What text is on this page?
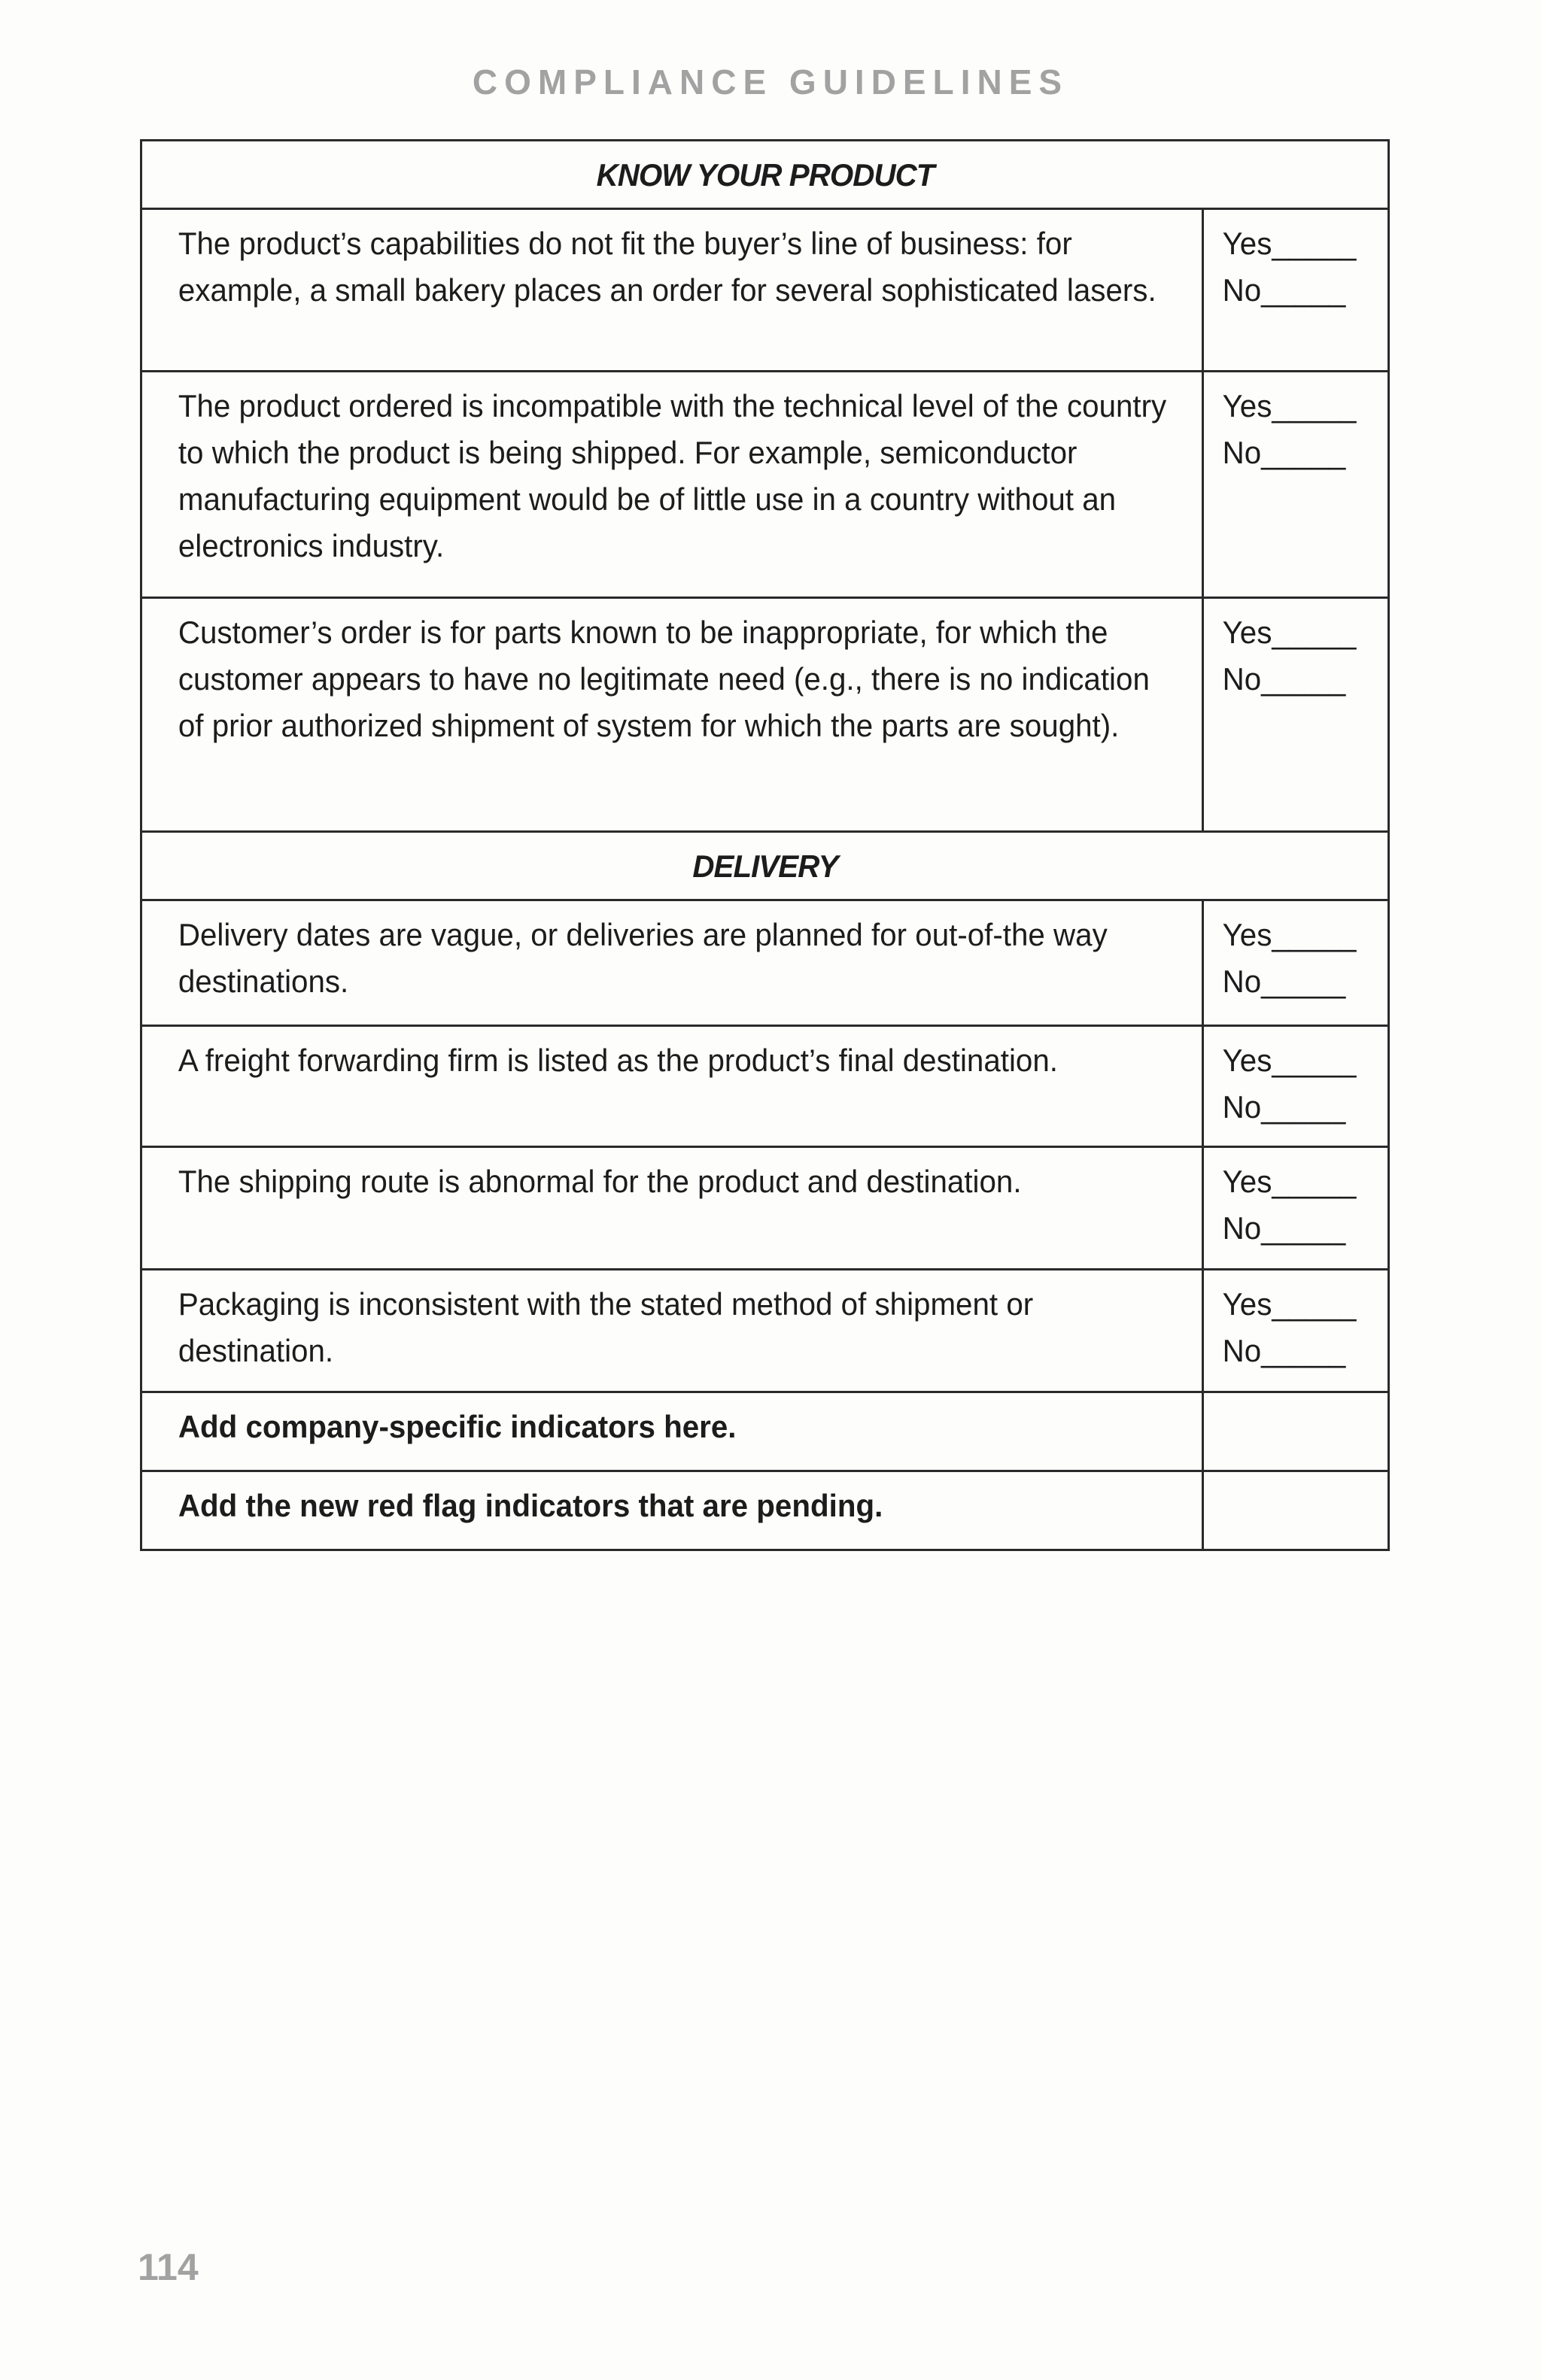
COMPLIANCE GUIDELINES
KNOW YOUR PRODUCT	
The product’s capabilities do not fit the buyer’s line of business: for example, a small bakery places an order for several sophisticated lasers.	Yes_____
No_____

The product ordered is incompatible with the technical level of the country to which the product is being shipped. For example, semiconductor manufacturing equipment would be of little use in a country without an electronics industry.	Yes_____
No_____

Customer’s order is for parts known to be inappropriate, for which the customer appears to have no legitimate need (e.g., there is no indication of prior authorized shipment of system for which the parts are sought).	Yes_____
No_____

DELIVERY	
Delivery dates are vague, or deliveries are planned for out-of-the way destinations.	Yes_____
No_____

A freight forwarding firm is listed as the product’s final destination.	Yes_____
No_____

The shipping route is abnormal for the product and destination.	Yes_____
No_____

Packaging is inconsistent with the stated method of shipment or destination.	Yes_____
No_____

Add company-specific indicators here.	
Add the new red flag indicators that are pending.	
114
